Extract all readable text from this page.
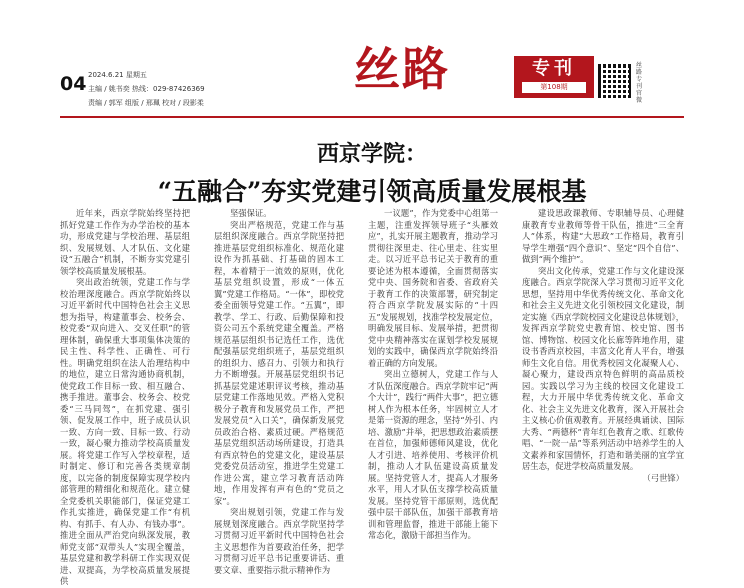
04 2024.6.21 星期五
主编 / 姚书奕 热线：029-87426369
责编 / 郭军 组版 / 邢珮 校对 / 段影柔
丝路	专刊
第108期
丝路专刊官微
西京学院：
“五融合”夯实党建引领高质量发展根基

近年来，西京学院始终坚持把抓好党建工作作为办学治校的基本功，形成党建与学校治理、基层组织、发展规划、人才队伍、文化建设“五融合”机制，不断夯实党建引领学校高质量发展根基。

突出政治统领，党建工作与学校治理深度融合。西京学院始终以习近平新时代中国特色社会主义思想为指导，构建董事会、校务会、校党委“双向进入、交叉任职”的管理体制，确保重大事项集体决策的民主性、科学性、正确性、可行性。明确党组织在法人治理结构中的地位，建立日常沟通协商机制，使党政工作目标一致、相互融合、携手推进。董事会、校务会、校党委“三马同驾”，在抓党建、强引领、促发展工作中，班子成员认识一致、方向一致、目标一致、行动一致，凝心聚力推动学校高质量发展。将党建工作写入学校章程，适时制定、修订和完善各类规章制度，以完备的制度保障实现学校内部管理的精细化和规范化。建立健全党委机关职能部门，保证党建工作扎实推进，确保党建工作“有机构、有抓手、有人办、有钱办事”。推进全面从严治党向纵深发展，教师党支部“双带头人”实现全覆盖，基层党建和教学科研工作实现双促进、双提高，为学校高质量发展提供

坚强保证。

突出严格规范，党建工作与基层组织深度融合。西京学院坚持把推进基层党组织标准化、规范化建设作为抓基础、打基础的固本工程，本着精于一流效的原则，优化基层党组织设置，形成“一体五翼”党建工作格局。“一体”，即校党委全面领导党建工作。“五翼”，即教学、学工、行政、后勤保障和投资公司五个系统党建全覆盖。严格规范基层组织书记选任工作，选优配强基层党组织班子，基层党组织的组织力、感召力、引领力和执行力不断增强。开展基层党组织书记抓基层党建述职评议考核，推动基层党建工作落地见效。严格入党积极分子教育和发展党员工作，严把发展党员“入口关”，确保新发展党员政治合格、素质过硬。严格规范基层党组织活动场所建设，打造具有西京特色的党建文化，建设基层党委党员活动室，推进学生党建工作进公寓，建立学习教育活动阵地，作用发挥有声有色的“党员之家”。

突出规划引领，党建工作与发展规划深度融合。西京学院坚持学习贯彻习近平新时代中国特色社会主义思想作为首要政治任务，把学习贯彻习近平总书记重要讲话、重要文章、重要指示批示精神作为

一议题”，作为党委中心组第一主题，注重发挥领导班子“头雁效应”，扎实开展主题教育，推动学习贯彻往深里走、往心里走、往实里走。以习近平总书记关于教育的重要论述为根本遵循，全面贯彻落实党中央、国务院和省委、省政府关于教育工作的决策部署，研究制定符合西京学院发展实际的“十四五”发展规划，找准学校发展定位，明确发展目标、发展举措，把贯彻党中央精神落实在谋划学校发展规划的实践中，确保西京学院始终沿着正确的方向发展。

突出立德树人，党建工作与人才队伍深度融合。西京学院牢记“两个大计”，践行“两件大事”，把立德树人作为根本任务，牢固树立人才是第一资源的理念，坚持“外引、内培、激励”并举，把思想政治素质摆在首位，加强师德师风建设，优化人才引进、培养使用、考核评价机制，推动人才队伍建设高质量发展。坚持党管人才，提高人才服务水平，用人才队伍支撑学校高质量发展。坚持党管干部原则，选优配强中层干部队伍，加强干部教育培训和管理监督，推进干部能上能下常态化，激励干部担当作为。

建设思政课教师、专职辅导员、心理健康教育专业教师等骨干队伍，推进“三全育人”体系，构建“大思政”工作格局，教育引导学生增强“四个意识”、坚定“四个自信”、做到“两个维护”。

突出文化传承，党建工作与文化建设深度融合。西京学院深入学习贯彻习近平文化思想，坚持用中华优秀传统文化、革命文化和社会主义先进文化引领校园文化建设，制定实施《西京学院校园文化建设总体规划》，发挥西京学院党史教育馆、校史馆、图书馆、博物馆、校园文化长廊等阵地作用，建设书香西京校园，丰富文化育人平台，增强师生文化自信。用优秀校园文化凝聚人心、凝心聚力，建设西京特色鲜明的高品质校园。实践以学习为主线的校园文化建设工程，大力开展中华优秀传统文化、革命文化、社会主义先进文化教育，深入开展社会主义核心价值观教育。开展经典诵读、国际大秀、“两德杯”青年红色教育之歌、红歌传唱、“一院一品”等系列活动中培养学生的人文素养和家国情怀，打造和谐美丽的宜学宜居生态，促进学校高质量发展。

（弓世锋）
